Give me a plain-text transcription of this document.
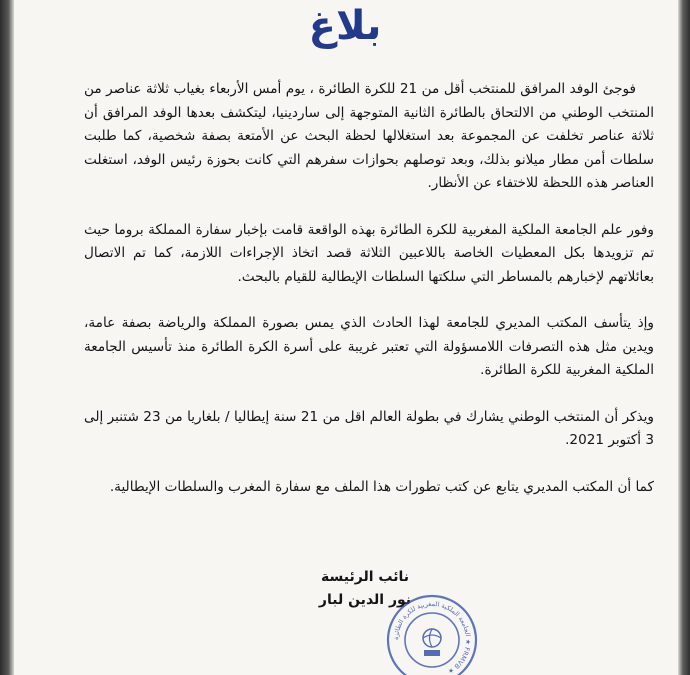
بلاغ

فوجئ الوفد المرافق للمنتخب أقل من 21 للكرة الطائرة ، يوم أمس الأربعاء بغياب ثلاثة عناصر من المنتخب الوطني من الالتحاق بالطائرة الثانية المتوجهة إلى ساردينيا، ليتكشف بعدها الوفد المرافق أن ثلاثة عناصر تخلفت عن المجموعة بعد استغلالها لحظة البحث عن الأمتعة بصفة شخصية، كما طلبت سلطات أمن مطار ميلانو بذلك، وبعد توصلهم بحوازات سفرهم التي كانت بحوزة رئيس الوفد، استغلت العناصر هذه اللحظة للاختفاء عن الأنظار.

وفور علم الجامعة الملكية المغربية للكرة الطائرة بهذه الواقعة قامت بإخبار سفارة المملكة بروما حيث تم تزويدها بكل المعطيات الخاصة باللاعبين الثلاثة قصد اتخاذ الإجراءات اللازمة، كما تم الاتصال بعائلاتهم لإخبارهم بالمساطر التي سلكتها السلطات الإيطالية للقيام بالبحث.

وإذ يتأسف المكتب المديري للجامعة لهذا الحادث الذي يمس بصورة المملكة والرياضة بصفة عامة، ويدين مثل هذه التصرفات اللامسؤولة التي تعتبر غريبة على أسرة الكرة الطائرة منذ تأسيس الجامعة الملكية المغربية للكرة الطائرة.

ويذكر أن المنتخب الوطني يشارك في بطولة العالم اقل من 21 سنة إيطاليا / بلغاريا من 23 شتنبر إلى 3 أكتوبر 2021.

كما أن المكتب المديري يتابع عن كتب تطورات هذا الملف مع سفارة المغرب والسلطات الإيطالية.

نائب الرئيسة
نور الدين لبار
الجامعة الملكية المغربية للكرة الطائرة ★ FRMVB ★
